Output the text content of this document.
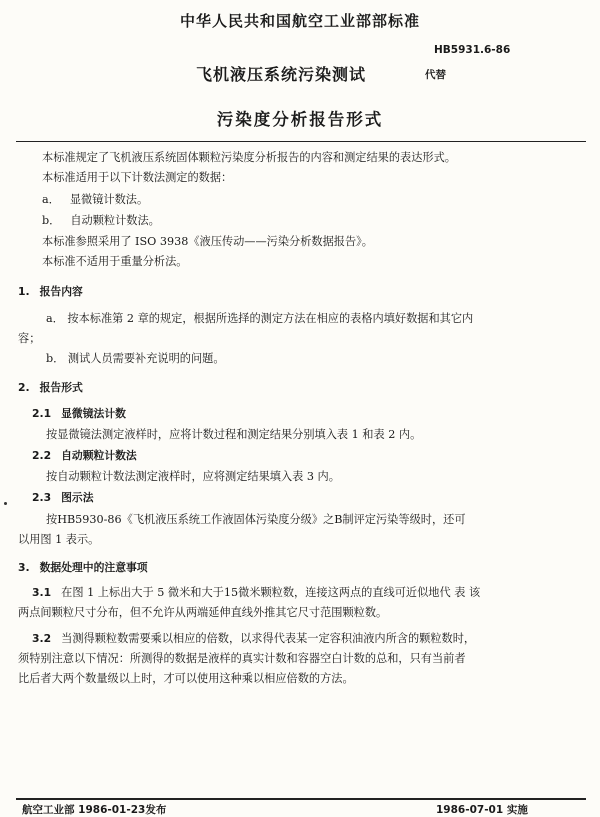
中华人民共和国航空工业部部标准
HB5931.6-86
飞机液压系统污染测试	代替
污染度分析报告形式
本标准规定了飞机液压系统固体颗粒污染度分析报告的内容和测定结果的表达形式。
本标准适用于以下计数法测定的数据：
a． 显微镜计数法。
b． 自动颗粒计数法。
本标准参照采用了 ISO 3938《液压传动——污染分析数据报告》。
本标准不适用于重量分析法。
1. 报告内容
a． 按本标准第 2 章的规定，根据所选择的测定方法在相应的表格内填好数据和其它内
容；
b． 测试人员需要补充说明的问题。
2. 报告形式
2.1 显微镜法计数
按显微镜法测定液样时，应将计数过程和测定结果分别填入表 1 和表 2 内。
2.2 自动颗粒计数法
按自动颗粒计数法测定液样时，应将测定结果填入表 3 内。
2.3 图示法
按HB5930-86《飞机液压系统工作液固体污染度分级》之B制评定污染等级时，还可
以用图 1 表示。
3. 数据处理中的注意事项
3.1 在图 1 上标出大于 5 微米和大于15微米颗粒数，连接这两点的直线可近似地代 表 该
两点间颗粒尺寸分布，但不允许从两端延伸直线外推其它尺寸范围颗粒数。
3.2 当测得颗粒数需要乘以相应的倍数，以求得代表某一定容积油液内所含的颗粒数时，
须特别注意以下情况：所测得的数据是液样的真实计数和容器空白计数的总和，只有当前者
比后者大两个数量级以上时，才可以使用这种乘以相应倍数的方法。
航空工业部 1986-01-23发布	1986-07-01 实施
